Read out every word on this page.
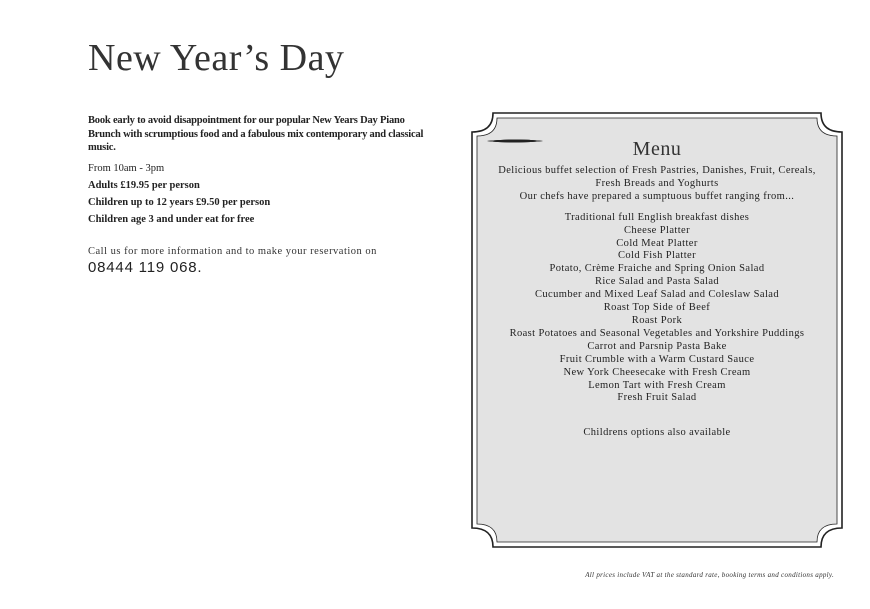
New Year’s Day

Book early to avoid disappointment for our popular New Years Day Piano Brunch with scrumptious food and a fabulous mix contemporary and classical music.

From 10am - 3pm

Adults £19.95 per person

Children up to 12 years £9.50 per person

Children age 3 and under eat for free

Call us for more information and to make your reservation on

08444 119 068.
Menu
Delicious buffet selection of Fresh Pastries, Danishes, Fruit, Cereals, Fresh Breads and Yoghurts
Our chefs have prepared a sumptuous buffet ranging from...
Traditional full English breakfast dishes
Cheese Platter
Cold Meat Platter
Cold Fish Platter
Potato, Crème Fraiche and Spring Onion Salad
Rice Salad and Pasta Salad
Cucumber and Mixed Leaf Salad and Coleslaw Salad
Roast Top Side of Beef
Roast Pork
Roast Potatoes and Seasonal Vegetables and Yorkshire Puddings
Carrot and Parsnip Pasta Bake
Fruit Crumble with a Warm Custard Sauce
New York Cheesecake with Fresh Cream
Lemon Tart with Fresh Cream
Fresh Fruit Salad
Childrens options also available
All prices include VAT at the standard rate, booking terms and conditions apply.
